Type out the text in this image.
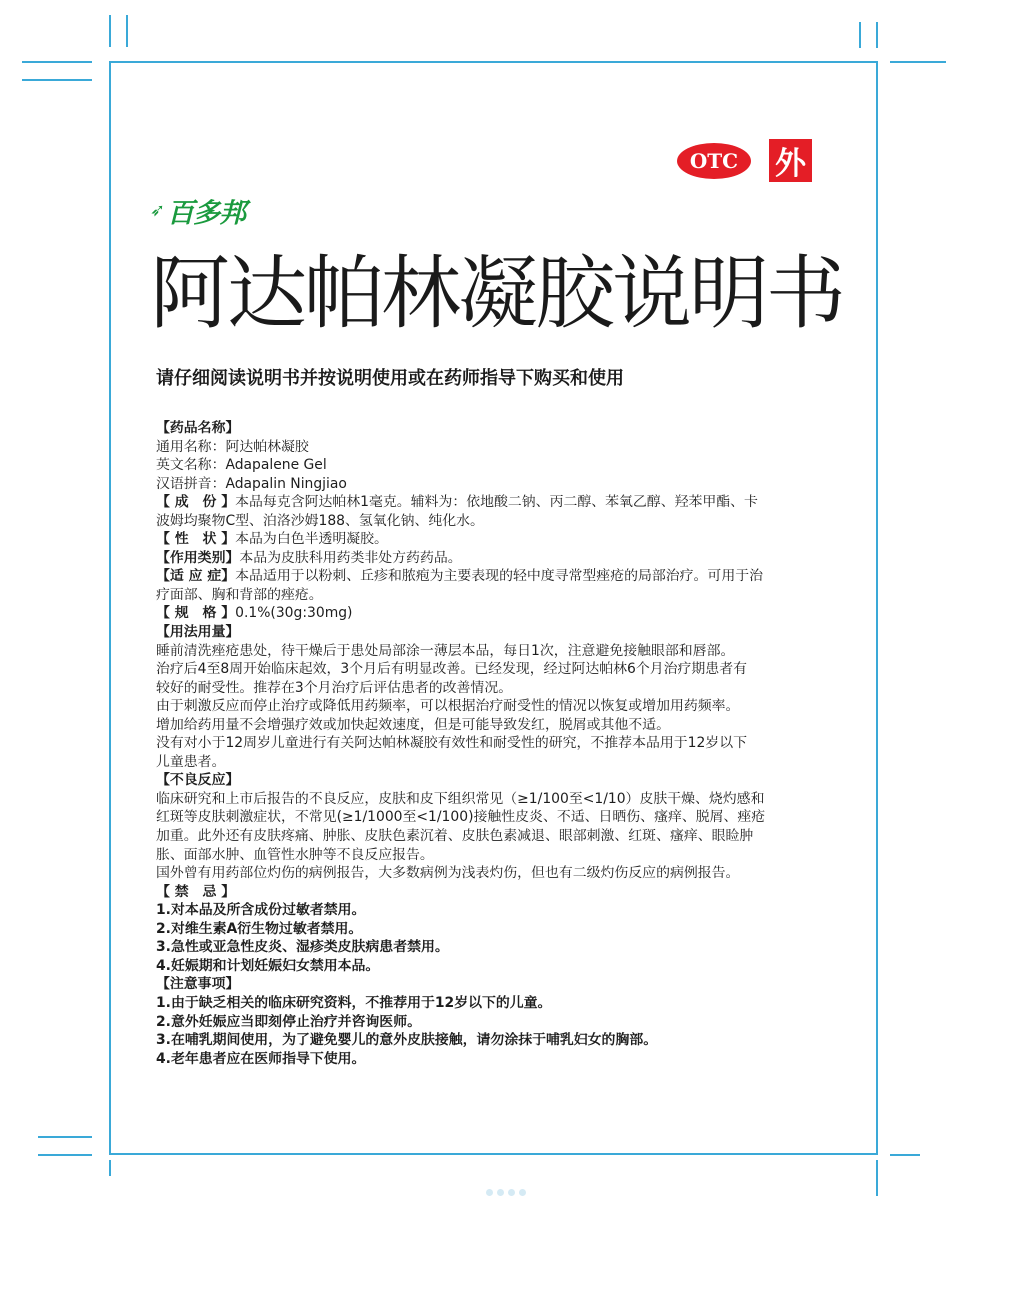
OTC 外
➶ 百多邦
阿达帕林凝胶说明书

请仔细阅读说明书并按说明使用或在药师指导下购买和使用

【药品名称】
通用名称：阿达帕林凝胶
英文名称：Adapalene Gel
汉语拼音：Adapalin Ningjiao
【 成　份 】本品每克含阿达帕林1毫克。辅料为：依地酸二钠、丙二醇、苯氧乙醇、羟苯甲酯、卡
波姆均聚物C型、泊洛沙姆188、氢氧化钠、纯化水。
【 性　状 】本品为白色半透明凝胶。
【作用类别】本品为皮肤科用药类非处方药药品。
【适 应 症】本品适用于以粉刺、丘疹和脓疱为主要表现的轻中度寻常型痤疮的局部治疗。可用于治
疗面部、胸和背部的痤疮。
【 规　格 】0.1%(30g:30mg)
【用法用量】
睡前清洗痤疮患处，待干燥后于患处局部涂一薄层本品，每日1次，注意避免接触眼部和唇部。
治疗后4至8周开始临床起效，3个月后有明显改善。已经发现，经过阿达帕林6个月治疗期患者有
较好的耐受性。推荐在3个月治疗后评估患者的改善情况。
由于刺激反应而停止治疗或降低用药频率，可以根据治疗耐受性的情况以恢复或增加用药频率。
增加给药用量不会增强疗效或加快起效速度，但是可能导致发红，脱屑或其他不适。
没有对小于12周岁儿童进行有关阿达帕林凝胶有效性和耐受性的研究，不推荐本品用于12岁以下
儿童患者。
【不良反应】
临床研究和上市后报告的不良反应，皮肤和皮下组织常见（≥1/100至<1/10）皮肤干燥、烧灼感和
红斑等皮肤刺激症状，不常见(≥1/1000至<1/100)接触性皮炎、不适、日晒伤、瘙痒、脱屑、痤疮
加重。此外还有皮肤疼痛、肿胀、皮肤色素沉着、皮肤色素减退、眼部刺激、红斑、瘙痒、眼睑肿
胀、面部水肿、血管性水肿等不良反应报告。
国外曾有用药部位灼伤的病例报告，大多数病例为浅表灼伤，但也有二级灼伤反应的病例报告。
【 禁　忌 】
1.对本品及所含成份过敏者禁用。
2.对维生素A衍生物过敏者禁用。
3.急性或亚急性皮炎、湿疹类皮肤病患者禁用。
4.妊娠期和计划妊娠妇女禁用本品。
【注意事项】
1.由于缺乏相关的临床研究资料，不推荐用于12岁以下的儿童。
2.意外妊娠应当即刻停止治疗并咨询医师。
3.在哺乳期间使用，为了避免婴儿的意外皮肤接触，请勿涂抹于哺乳妇女的胸部。
4.老年患者应在医师指导下使用。
